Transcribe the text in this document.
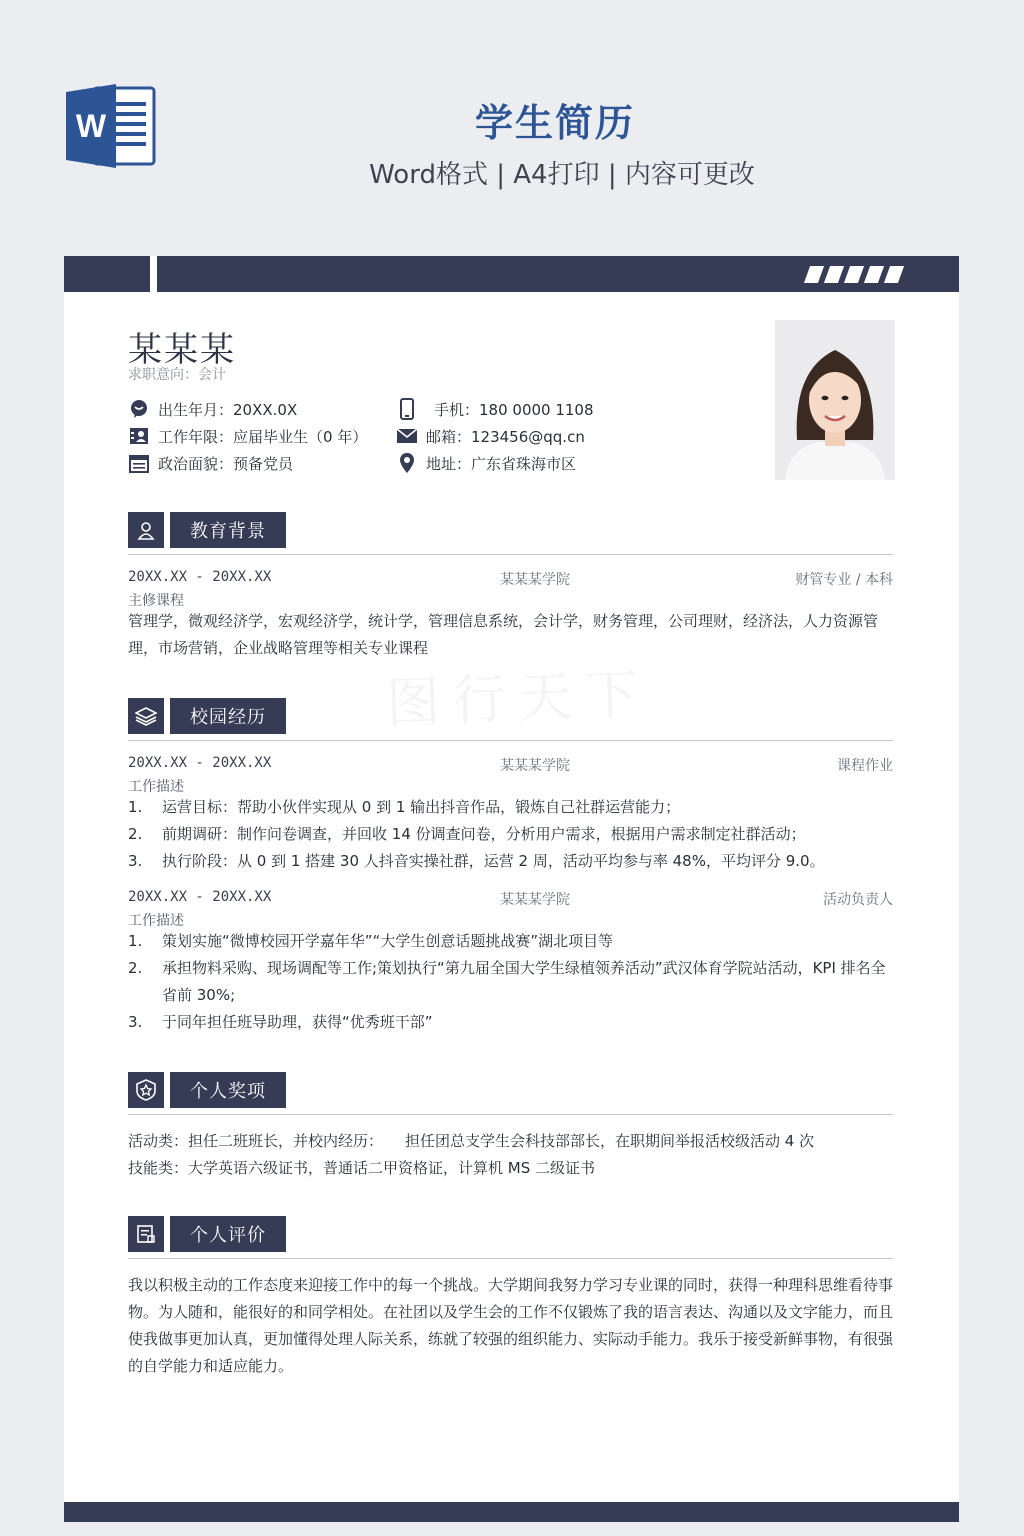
W	学生简历
Word格式 | A4打印 | 内容可更改
图行天下
某某某
求职意向：会计
出生年月：20XX.0X	手机：180 0000 1108
工作年限：应届毕业生（0 年）	邮箱：123456@qq.cn
政治面貌：预备党员	地址：广东省珠海市区
教育背景
20XX.XX - 20XX.XX	某某某学院	财管专业 / 本科
主修课程
管理学，微观经济学，宏观经济学，统计学，管理信息系统，会计学，财务管理，公司理财，经济法，人力资源管理，市场营销，企业战略管理等相关专业课程
校园经历
20XX.XX - 20XX.XX	某某某学院	课程作业
工作描述
1.	运营目标：帮助小伙伴实现从 0 到 1 输出抖音作品，锻炼自己社群运营能力；
2.	前期调研：制作问卷调查，并回收 14 份调查问卷，分析用户需求，根据用户需求制定社群活动；
3.	执行阶段：从 0 到 1 搭建 30 人抖音实操社群，运营 2 周，活动平均参与率 48%，平均评分 9.0。
20XX.XX - 20XX.XX	某某某学院	活动负责人
工作描述
1.	策划实施“微博校园开学嘉年华”“大学生创意话题挑战赛”湖北项目等
2.	承担物料采购、现场调配等工作;策划执行“第九届全国大学生绿植领养活动”武汉体育学院站活动，KPI 排名全省前 30%;
3.	于同年担任班导助理，获得“优秀班干部”
个人奖项
活动类：担任二班班长，并校内经历： 担任团总支学生会科技部部长，在职期间举报活校级活动 4 次
技能类：大学英语六级证书，普通话二甲资格证，计算机 MS 二级证书
个人评价
我以积极主动的工作态度来迎接工作中的每一个挑战。大学期间我努力学习专业课的同时，获得一种理科思维看待事物。为人随和，能很好的和同学相处。在社团以及学生会的工作不仅锻炼了我的语言表达、沟通以及文字能力，而且使我做事更加认真，更加懂得处理人际关系，练就了较强的组织能力、实际动手能力。我乐于接受新鲜事物，有很强的自学能力和适应能力。
